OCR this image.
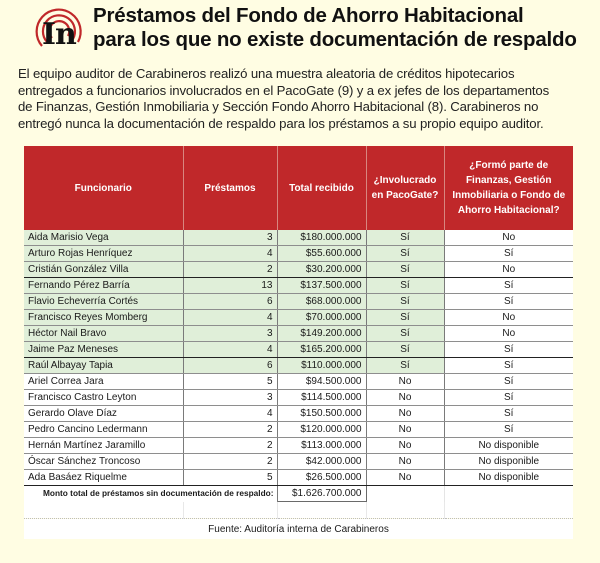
In
Préstamos del Fondo de Ahorro Habitacional
para los que no existe documentación de respaldo
El equipo auditor de Carabineros realizó una muestra aleatoria de créditos hipotecarios
entregados a funcionarios involucrados en el PacoGate (9) y a ex jefes de los departamentos
de Finanzas, Gestión Inmobiliaria y Sección Fondo Ahorro Habitacional (8). Carabineros no
entregó nunca la documentación de respaldo para los préstamos a su propio equipo auditor.
Funcionario	Préstamos	Total recibido	¿Involucrado en PacoGate?	¿Formó parte de Finanzas, Gestión Inmobiliaria o Fondo de Ahorro Habitacional?
Aida Marisio Vega	3	$180.000.000	Sí	No
Arturo Rojas Henríquez	4	$55.600.000	Sí	Sí
Cristián González Villa	2	$30.200.000	Sí	No
Fernando Pérez Barría	13	$137.500.000	Sí	Sí
Flavio Echeverría Cortés	6	$68.000.000	Sí	Sí
Francisco Reyes Momberg	4	$70.000.000	Sí	No
Héctor Nail Bravo	3	$149.200.000	Sí	No
Jaime Paz Meneses	4	$165.200.000	Sí	Sí
Raúl Albayay Tapia	6	$110.000.000	Sí	Sí
Ariel Correa Jara	5	$94.500.000	No	Sí
Francisco Castro Leyton	3	$114.500.000	No	Sí
Gerardo Olave Díaz	4	$150.500.000	No	Sí
Pedro Cancino Ledermann	2	$120.000.000	No	Sí
Hernán Martínez Jaramillo	2	$113.000.000	No	No disponible
Óscar Sánchez Troncoso	2	$42.000.000	No	No disponible
Ada Basáez Riquelme	5	$26.500.000	No	No disponible
Monto total de préstamos sin documentación de respaldo:		$1.626.700.000		

Fuente: Auditoría interna de Carabineros				
